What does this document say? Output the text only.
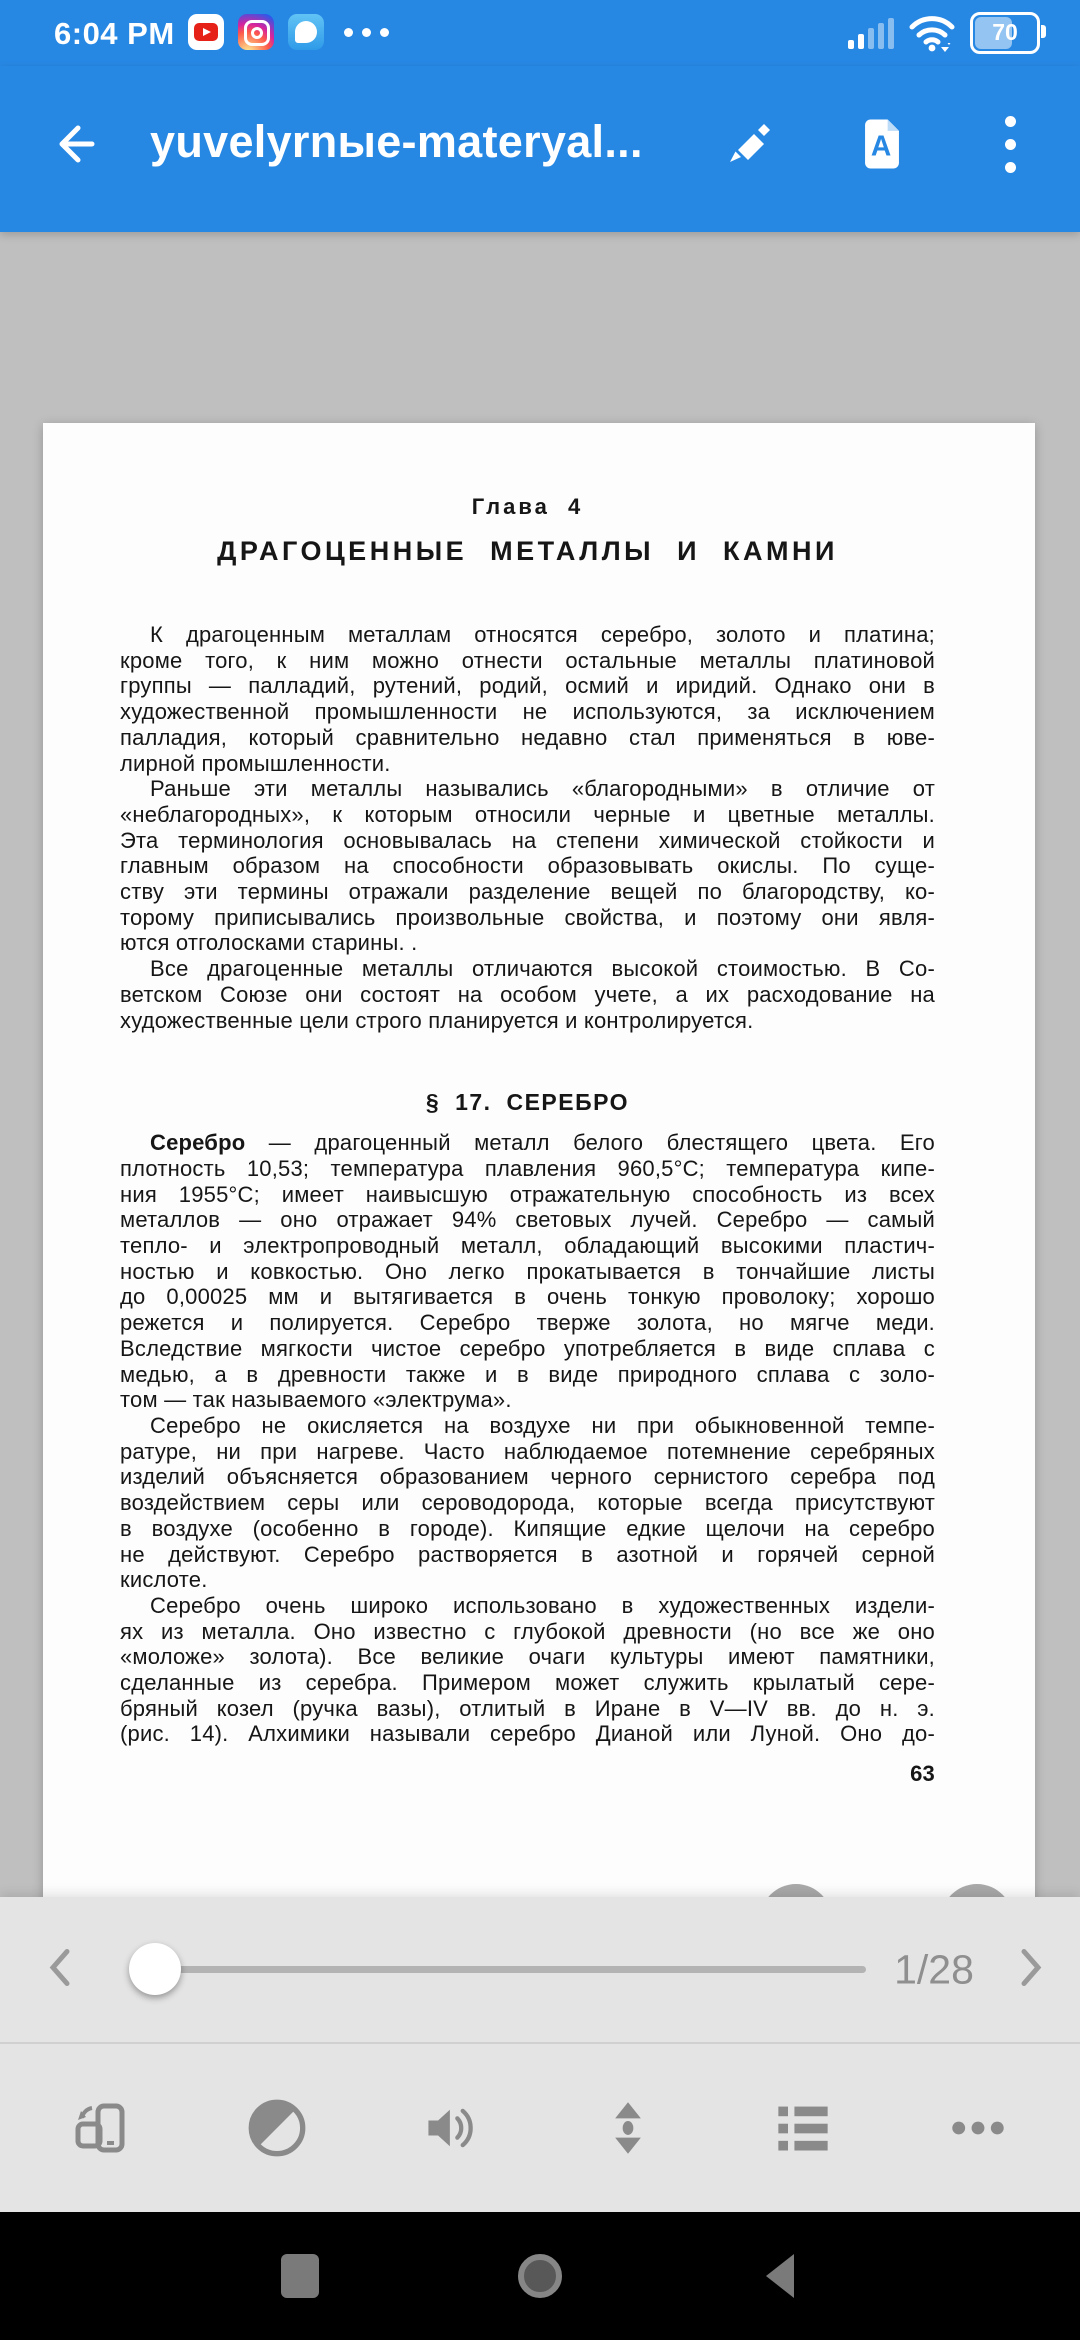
Глава 4
ДРАГОЦЕННЫЕ МЕТАЛЛЫ И КАМНИ
К драгоценным металлам относятся серебро, золото и платина;
кроме того, к ним можно отнести остальные металлы платиновой
группы — палладий, рутений, родий, осмий и иридий. Однако они в
художественной промышленности не используются, за исключением
палладия, который сравнительно недавно стал применяться в юве-
лирной промышленности.
Раньше эти металлы назывались «благородными» в отличие от
«неблагородных», к которым относили черные и цветные металлы.
Эта терминология основывалась на степени химической стойкости и
главным образом на способности образовывать окислы. По суще-
ству эти термины отражали разделение вещей по благородству, ко-
торому приписывались произвольные свойства, и поэтому они явля-
ются отголосками старины. .
Все драгоценные металлы отличаются высокой стоимостью. В Со-
ветском Союзе они состоят на особом учете, а их расходование на
художественные цели строго планируется и контролируется.
§ 17. СЕРЕБРО
Серебро — драгоценный металл белого блестящего цвета. Его
плотность 10,53; температура плавления 960,5°С; температура кипе-
ния 1955°С; имеет наивысшую отражательную способность из всех
металлов — оно отражает 94% световых лучей. Серебро — самый
тепло- и электропроводный металл, обладающий высокими пластич-
ностью и ковкостью. Оно легко прокатывается в тончайшие листы
до 0,00025 мм и вытягивается в очень тонкую проволоку; хорошо
режется и полируется. Серебро тверже золота, но мягче меди.
Вследствие мягкости чистое серебро употребляется в виде сплава с
медью, а в древности также и в виде природного сплава с золо-
том — так называемого «электрума».
Серебро не окисляется на воздухе ни при обыкновенной темпе-
ратуре, ни при нагреве. Часто наблюдаемое потемнение серебряных
изделий объясняется образованием черного сернистого серебра под
воздействием серы или сероводорода, которые всегда присутствуют
в воздухе (особенно в городе). Кипящие едкие щелочи на серебро
не действуют. Серебро растворяется в азотной и горячей серной
кислоте.
Серебро очень широко использовано в художественных издели-
ях из металла. Оно известно с глубокой древности (но все же оно
«моложе» золота). Все великие очаги культуры имеют памятники,
сделанные из серебра. Примером может служить крылатый сере-
бряный козел (ручка вазы), отлитый в Иране в V—IV вв. до н. э.
(рис. 14). Алхимики называли серебро Дианой или Луной. Оно до-
63
6:04 PM	70
yuvelyrnые-materyal...	A
1/28
